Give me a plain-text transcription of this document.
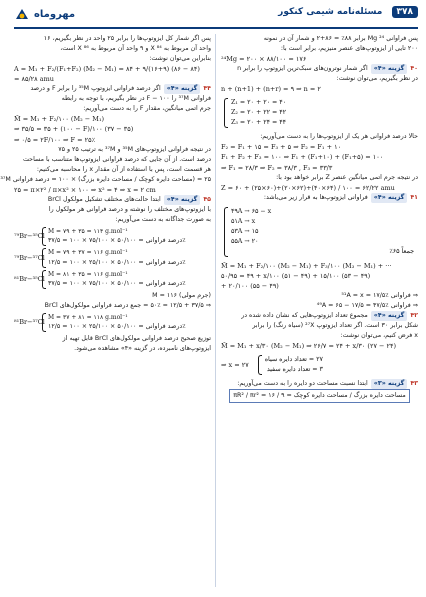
مهروماه	۳۷۸ مسئله‌نامه شیمی کنکور
پس فراوانی Mg ²⁴ برابر ۸۸٪ = ۸۶+۲ و شمار آن در نمونه
۲۰۰ تایی از ایزوتوپ‌های عنصر منیزیم، برابر است با:
²⁴Mg = ۲۰۰ × ۸۸/۱۰۰ = ۱۷۶
۴۰گزینه «۴»اگر شمار نوترون‌های سبک‌ترین ایزوتوپ را برابر n
در نظر بگیریم، می‌توان نوشت:
n + (n+1) + (n+r) = ۹ ⇒ n = ۲
Z₁ = ۲۰ + ۲۰ = ۴۰
Z₂ = ۲۰ + ۲۲ = ۴۲
Z₃ = ۲۰ + ۲۴ = ۴۴
حالا درصد فراوانی هر یک از ایزوتوپ‌ها را به دست می‌آوریم:
F₂ = F₁ + ۱۵ = F₃ + ۵ ⇒ F₂ = F₁ + ۱۰
F₁ + F₂ + F₃ = ۱۰۰ ⇒ F₁ + (F₁+۱۰) + (F₁+۵) = ۱۰۰
⇒ F₁ = ۲۸/۳ ⇒ F₂ = ۳۸/۳ , F₃ = ۳۳/۳
در نتیجه جرم اتمی میانگین عنصر Z برابر خواهد بود با:
Z = ۶۰ + (۲۵×۶۰)+(۲۰×۶۲)+(۴۰×۶۴) / ۱۰۰ = ۶۲/۲۲ amu
۴۱گزینه «۴»فراوانی ایزوتوپ‌ها به قرار زیر می‌باشد:
۴۹A → ۶۵ − x
۵۱A → x
۵۳A → ۱۵
۵۵A → ۲۰
جمعاً ۶۵٪
M̄ = M₁ + F₂/۱۰۰ (M₂ − M₁) + F₃/۱۰۰ (M₃ − M₁) + ···
۵۰/۹۵ = ۴۹ + x/۱۰۰ (۵۱ − ۴۹) + ۱۵/۱۰۰ (۵۳ − ۴۹)
+ ۲۰/۱۰۰ (۵۵ − ۴۹)
⇒ فراوانی ⁵¹A = x = ۱۷/۵٪
⇒ فراوانی ⁴⁹A = ۶۵ − ۱۷/۵ = ۴۷/۵٪
۴۲گزینه «۴»مجموع تعداد ایزوتوپ‌هایی که نشان داده شده در
شکل برابر ۳۰ است. اگر تعداد ایزوتوپ ²⁷X (سیاه رنگ) را برابر
x فرض کنیم، می‌توان نوشت:
M̄ = M₁ + x/۳۰ (M₂ − M₁) ⇒ ۲۶/۷ = ۲۴ + x/۳۰ (۲۷ − ۲۴)
⇒ x = ۲۷
۲۷ = تعداد دایره سیاه
۳ = تعداد دایره سفید
۴۳گزینه «۳»ابتدا نسبت مساحت دو دایره را به دست می‌آوریم:
مساحت دایره بزرگ / مساحت دایره کوچک = πR² / πr² = ۱۶ / ۹
پس اگر شمار کل ایزوتوپ‌ها را برابر ۲۵ واحد در نظر بگیریم، ۱۶
واحد آن مربوط به X ⁸⁴ و ۹ واحد آن مربوط به X ⁸⁶ است،
بنابراین می‌توان نوشت:
A = M₁ + F₂/(F₁+F₂) (M₂ − M₁) = ۸۴ + ۹/(۱۶+۹) (۸۶ − ۸۴)
= ۸۵/۲۸ amu
۴۴گزینه «۴»اگر درصد فراوانی ایزوتوپ ³⁵M را برابر F و درصد
فراوانی ³⁷M را ۱۰۰ − F در نظر بگیریم، با توجه به رابطه
جرم اتمی میانگین، مقدار F را به دست می‌آوریم:
M̄ = M₁ + F₂/۱۰۰ (M₂ − M₁)
⇒ ۳۵/۵ = ۳۵ + (۱۰۰ − F)/۱۰۰ (۳۷ − ۳۵)
⇒ ۰/۵ = ۲F/۱۰۰ ⇒ F = ۲۵٪
در نتیجه فراوانی ایزوتوپ‌های ³⁵M و ³⁷M به ترتیب ۲۵ و ۷۵
درصد است. از آن جایی که درصد فراوانی ایزوتوپ‌ها متناسب با مساحت
هر قسمت است، پس با استفاده از آن مقدار x را محاسبه می‌کنیم:
۲۵ = (مساحت دایره کوچک / مساحت دایره بزرگ) × ۱۰۰ = درصد فراوانی ³⁷M
۲۵ = π×۲² / π×x² × ۱۰۰ ⇒ x² = ۴ ⇒ x = ۲ cm
۴۵گزینه «۴»ابتدا حالت‌های مختلف تشکیل مولکول BrCl
با ایزوتوپ‌های مختلف را نوشته و درصد فراوانی هر مولکول را
به صورت جداگانه به دست می‌آوریم:
⁷⁹Br−³⁵Cl
M = ۷۹ + ۳۵ = ۱۱۴ g.mol⁻¹
درصد فراوانی = ۵۰/۱۰۰ × ۷۵/۱۰۰ × ۱۰۰ = ۳۷/۵٪
⁷⁹Br−³⁷Cl
M = ۷۹ + ۳۷ = ۱۱۶ g.mol⁻¹
درصد فراوانی = ۵۰/۱۰۰ × ۲۵/۱۰۰ × ۱۰۰ = ۱۲/۵٪
⁸¹Br−³⁵Cl
M = ۸۱ + ۳۵ = ۱۱۶ g.mol⁻¹
درصد فراوانی = ۵۰/۱۰۰ × ۷۵/۱۰۰ × ۱۰۰ = ۳۷/۵٪
(جرم مولی) M = ۱۱۶
⇒ ۳۷/۵ + ۱۲/۵ = ۵۰٪ = جمع درصد فراوانی مولکول‌های BrCl
⁸¹Br−³⁷Cl
M = ۳۷ + ۸۱ = ۱۱۸ g.mol⁻¹
درصد فراوانی = ۵۰/۱۰۰ × ۲۵/۱۰۰ × ۱۰۰ = ۱۲/۵٪
توزیع صحیح درصد فراوانی مولکول‌های BrCl قابل تهیه از
ایزوتوپ‌های نامبرده، در گزینه «۴» مشاهده می‌شود.
